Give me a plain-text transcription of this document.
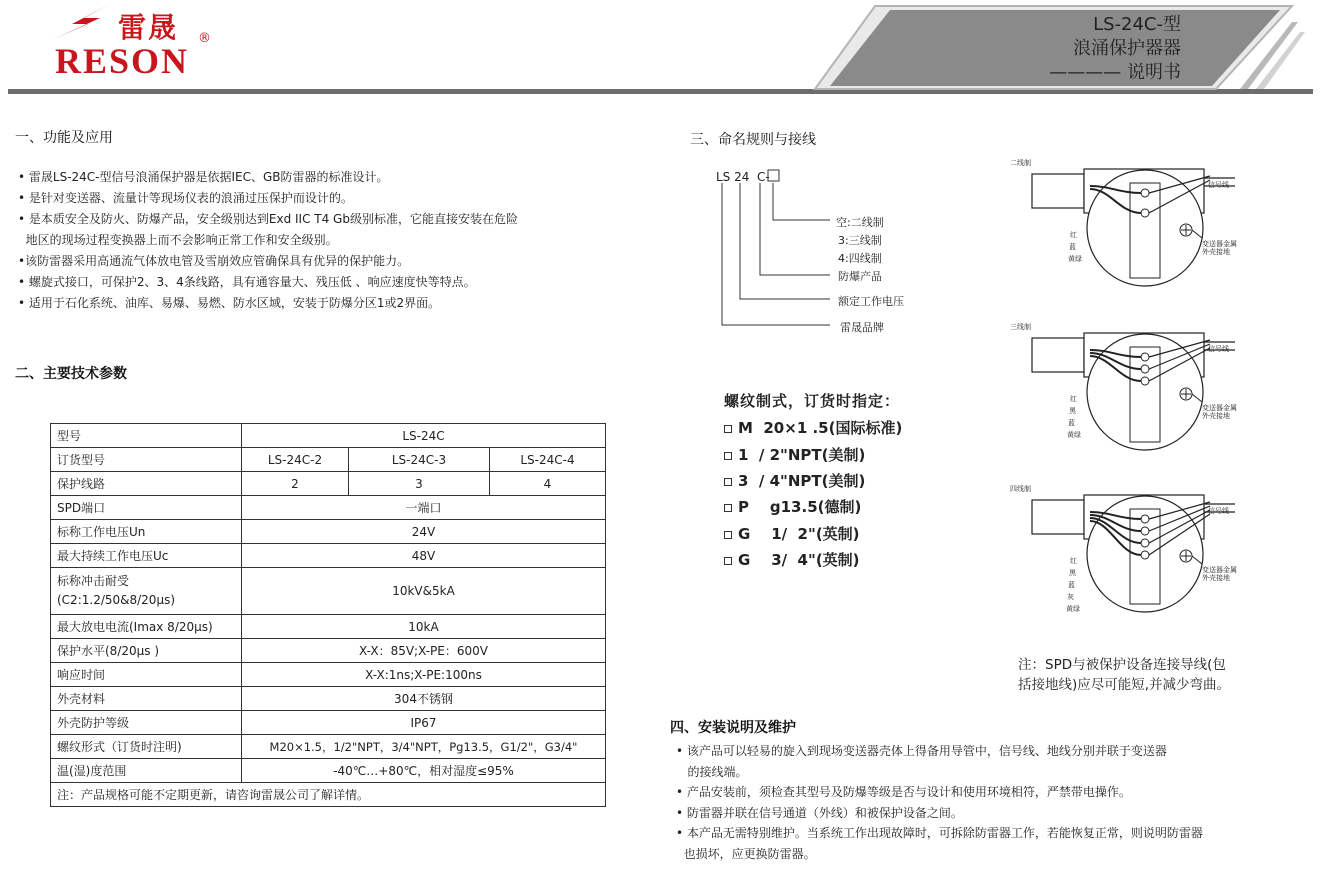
雷晟
RESON
®
LS-24C-型
浪涌保护器器
———— 说明书
一、功能及应用
• 雷晟LS-24C-型信号浪涌保护器是依据IEC、GB防雷器的标准设计。
• 是针对变送器、流量计等现场仪表的浪涌过压保护而设计的。
• 是本质安全及防火、防爆产品，安全级别达到Exd IIC T4 Gb级别标准，它能直接安装在危险
地区的现场过程变换器上而不会影响正常工作和安全级别。
•该防雷器采用高通流气体放电管及雪崩效应管确保具有优异的保护能力。
• 螺旋式接口，可保护2、3、4条线路，具有通容量大、残压低 、响应速度快等特点。
• 适用于石化系统、油库、易爆、易燃、防水区域，安装于防爆分区1或2界面。
二、主要技术参数
型号	LS-24C		
订货型号	LS-24C-2	LS-24C-3	LS-24C-4
保护线路	2	3	4
SPD端口	一端口		
标称工作电压Un	24V		
最大持续工作电压Uc	48V		

标称冲击耐受
(C2:1.2/50&8/20μs)	10kV&5kA		
最大放电电流(Imax 8/20μs)	10kA		
保护水平(8/20μs )	X-X：85V;X-PE：600V		
响应时间	X-X:1ns;X-PE:100ns		
外壳材料	304不锈钢		
外壳防护等级	IP67		
螺纹形式（订货时注明)	M20×1.5，1/2"NPT，3/4"NPT，Pg13.5，G1/2"，G3/4"		
温(湿)度范围	-40℃…+80℃，相对湿度≤95%		
注：产品规格可能不定期更新，请咨询雷晟公司了解详情。			
三、命名规则与接线
LS 24  C-
空:二线制
3:三线制
4:四线制
防爆产品
额定工作电压
雷晟品牌
螺纹制式，订货时指定：
M  20×1 .5(国际标准)
1  / 2"NPT(美制)
3  / 4"NPT(美制)
P    g13.5(德制)
G    1/  2"(英制)
G    3/  4"(英制)
二线制
信号线
变送器金属
外壳接地
红
蓝
黄绿
三线制
信号线
变送器金属
外壳接地
红
黑
蓝
黄绿
四线制
信号线
变送器金属
外壳接地
红
黑
蓝
灰
黄绿
注：SPD与被保护设备连接导线(包
括接地线)应尽可能短,并减少弯曲。
四、安装说明及维护
• 该产品可以轻易的旋入到现场变送器壳体上得备用导管中，信号线、地线分别并联于变送器
的接线端。
• 产品安装前，须检查其型号及防爆等级是否与设计和使用环境相符，严禁带电操作。
• 防雷器并联在信号通道（外线）和被保护设备之间。
• 本产品无需特别维护。当系统工作出现故障时，可拆除防雷器工作，若能恢复正常，则说明防雷器
也损坏，应更换防雷器。
